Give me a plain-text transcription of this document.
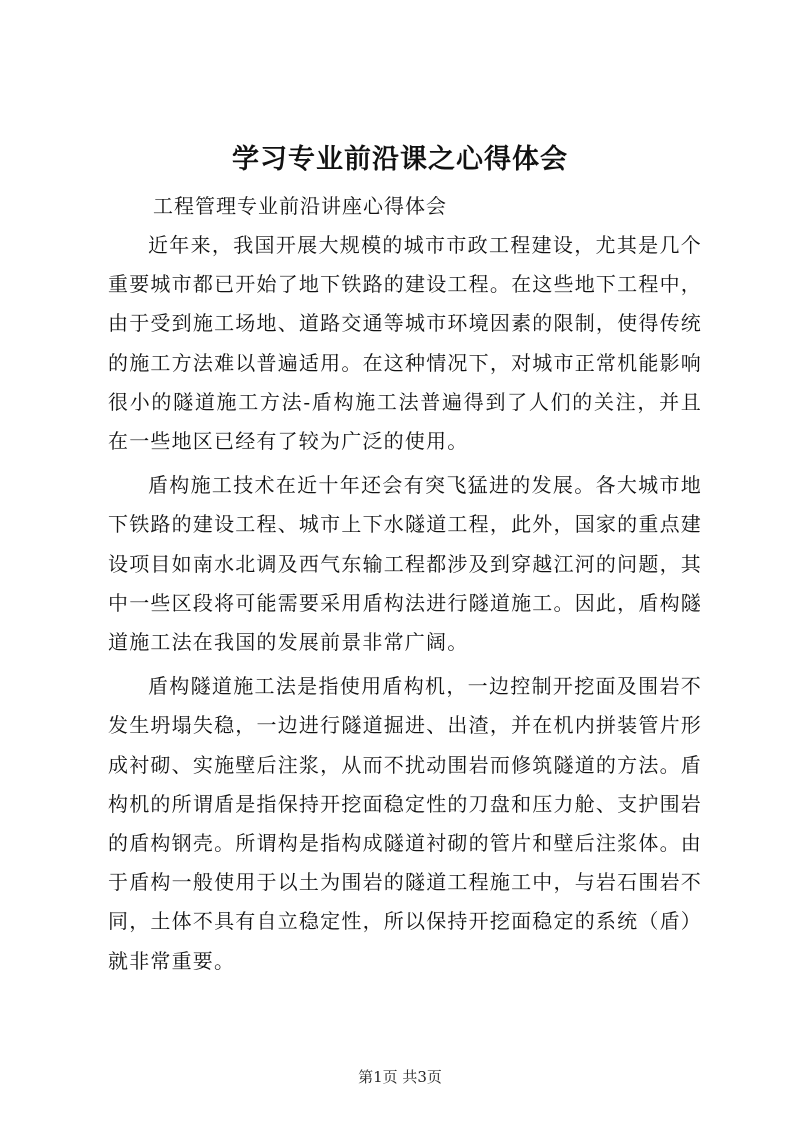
学习专业前沿课之心得体会

工程管理专业前沿讲座心得体会

近年来，我国开展大规模的城市市政工程建设，尤其是几个重要城市都已开始了地下铁路的建设工程。在这些地下工程中，由于受到施工场地、道路交通等城市环境因素的限制，使得传统的施工方法难以普遍适用。在这种情况下，对城市正常机能影响很小的隧道施工方法-盾构施工法普遍得到了人们的关注，并且在一些地区已经有了较为广泛的使用。

盾构施工技术在近十年还会有突飞猛进的发展。各大城市地下铁路的建设工程、城市上下水隧道工程，此外，国家的重点建设项目如南水北调及西气东输工程都涉及到穿越江河的问题，其中一些区段将可能需要采用盾构法进行隧道施工。因此，盾构隧道施工法在我国的发展前景非常广阔。

盾构隧道施工法是指使用盾构机，一边控制开挖面及围岩不发生坍塌失稳，一边进行隧道掘进、出渣，并在机内拼装管片形成衬砌、实施壁后注浆，从而不扰动围岩而修筑隧道的方法。盾构机的所谓盾是指保持开挖面稳定性的刀盘和压力舱、支护围岩的盾构钢壳。所谓构是指构成隧道衬砌的管片和壁后注浆体。由于盾构一般使用于以土为围岩的隧道工程施工中，与岩石围岩不同，土体不具有自立稳定性，所以保持开挖面稳定的系统（盾）就非常重要。

第1页 共3页
